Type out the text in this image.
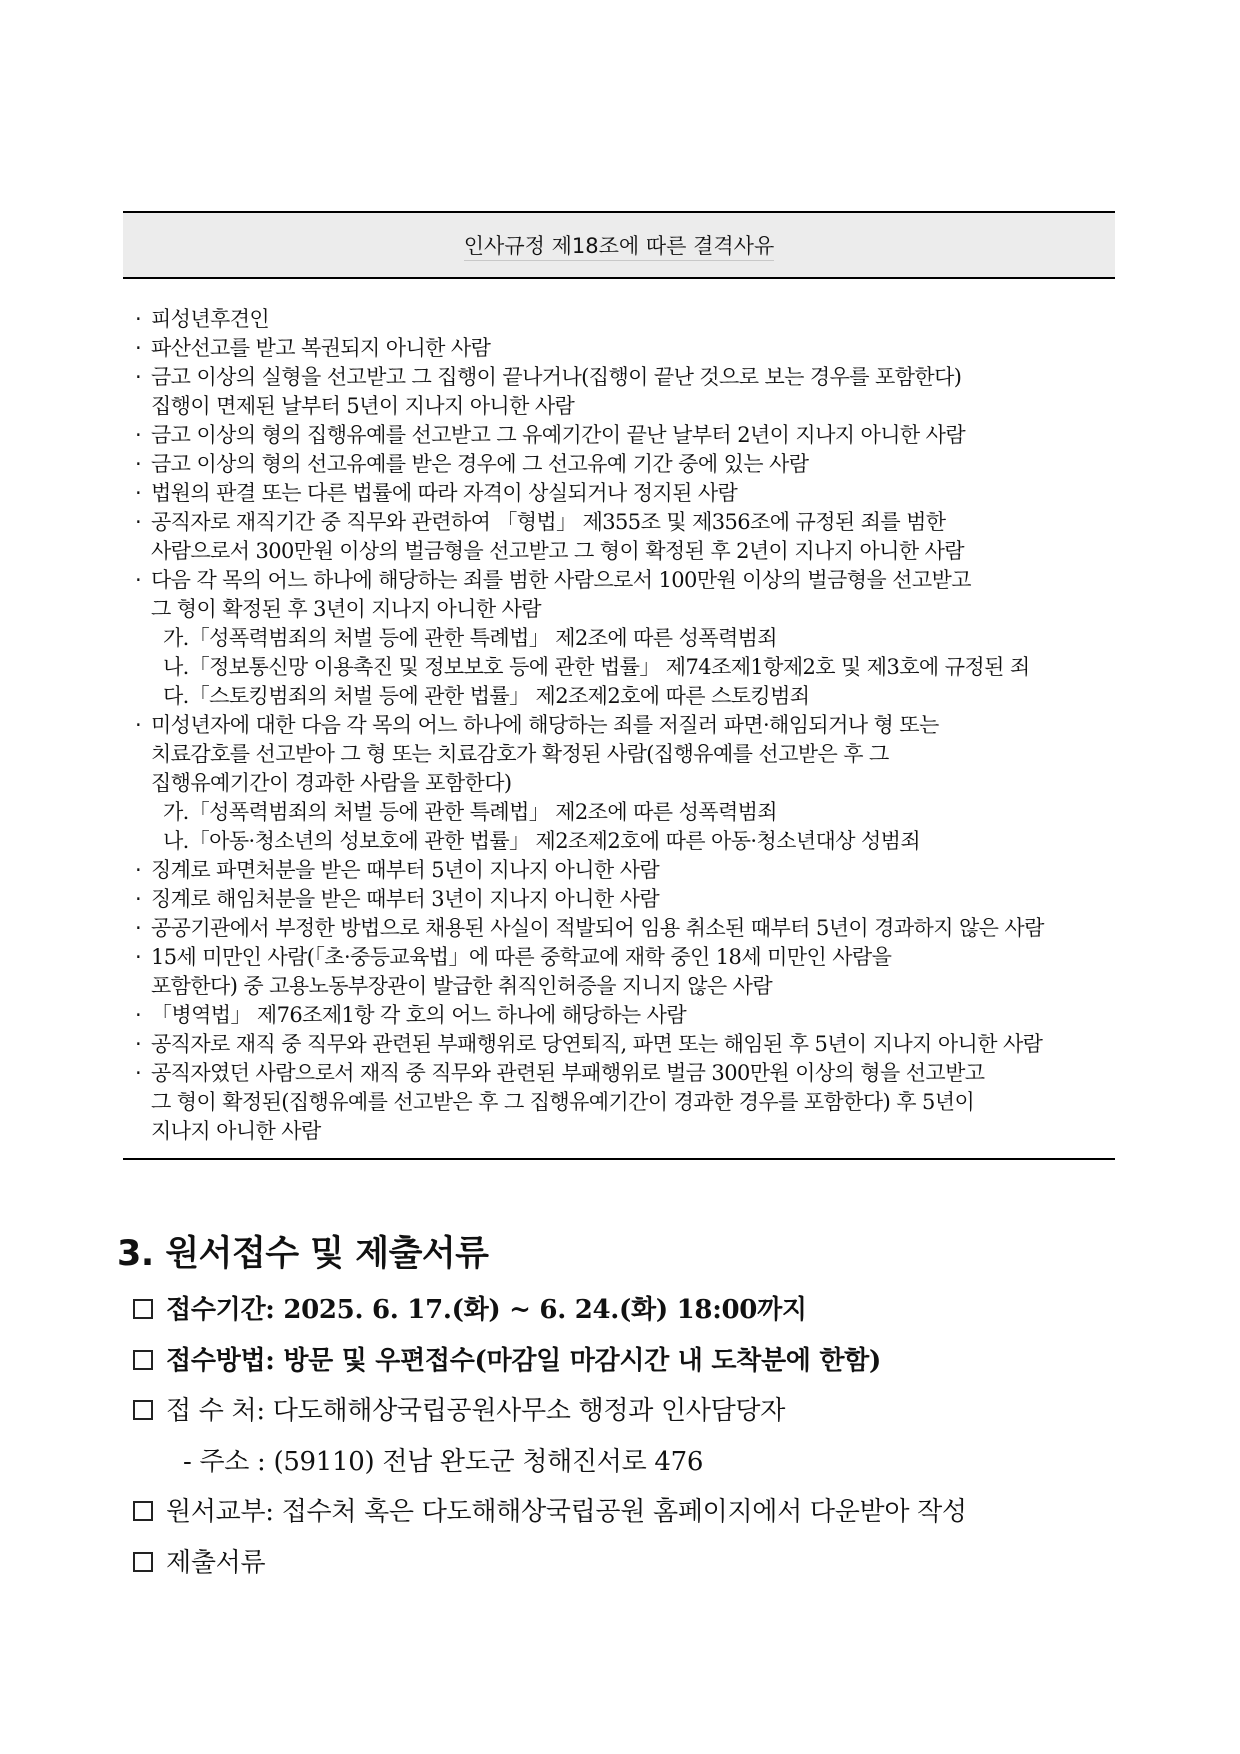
인사규정 제18조에 따른 결격사유
· 피성년후견인
· 파산선고를 받고 복권되지 아니한 사람
· 금고 이상의 실형을 선고받고 그 집행이 끝나거나(집행이 끝난 것으로 보는 경우를 포함한다)
집행이 면제된 날부터 5년이 지나지 아니한 사람
· 금고 이상의 형의 집행유예를 선고받고 그 유예기간이 끝난 날부터 2년이 지나지 아니한 사람
· 금고 이상의 형의 선고유예를 받은 경우에 그 선고유예 기간 중에 있는 사람
· 법원의 판결 또는 다른 법률에 따라 자격이 상실되거나 정지된 사람
· 공직자로 재직기간 중 직무와 관련하여 「형법」 제355조 및 제356조에 규정된 죄를 범한
사람으로서 300만원 이상의 벌금형을 선고받고 그 형이 확정된 후 2년이 지나지 아니한 사람
· 다음 각 목의 어느 하나에 해당하는 죄를 범한 사람으로서 100만원 이상의 벌금형을 선고받고
그 형이 확정된 후 3년이 지나지 아니한 사람
가.「성폭력범죄의 처벌 등에 관한 특례법」 제2조에 따른 성폭력범죄
나.「정보통신망 이용촉진 및 정보보호 등에 관한 법률」 제74조제1항제2호 및 제3호에 규정된 죄
다.「스토킹범죄의 처벌 등에 관한 법률」 제2조제2호에 따른 스토킹범죄
· 미성년자에 대한 다음 각 목의 어느 하나에 해당하는 죄를 저질러 파면·해임되거나 형 또는
치료감호를 선고받아 그 형 또는 치료감호가 확정된 사람(집행유예를 선고받은 후 그
집행유예기간이 경과한 사람을 포함한다)
가.「성폭력범죄의 처벌 등에 관한 특례법」 제2조에 따른 성폭력범죄
나.「아동·청소년의 성보호에 관한 법률」 제2조제2호에 따른 아동·청소년대상 성범죄
· 징계로 파면처분을 받은 때부터 5년이 지나지 아니한 사람
· 징계로 해임처분을 받은 때부터 3년이 지나지 아니한 사람
· 공공기관에서 부정한 방법으로 채용된 사실이 적발되어 임용 취소된 때부터 5년이 경과하지 않은 사람
· 15세 미만인 사람(「초·중등교육법」에 따른 중학교에 재학 중인 18세 미만인 사람을
포함한다) 중 고용노동부장관이 발급한 취직인허증을 지니지 않은 사람
· 「병역법」 제76조제1항 각 호의 어느 하나에 해당하는 사람
· 공직자로 재직 중 직무와 관련된 부패행위로 당연퇴직, 파면 또는 해임된 후 5년이 지나지 아니한 사람
· 공직자였던 사람으로서 재직 중 직무와 관련된 부패행위로 벌금 300만원 이상의 형을 선고받고
그 형이 확정된(집행유예를 선고받은 후 그 집행유예기간이 경과한 경우를 포함한다) 후 5년이
지나지 아니한 사람
3. 원서접수 및 제출서류
접수기간: 2025. 6. 17.(화) ~ 6. 24.(화) 18:00까지
접수방법: 방문 및 우편접수(마감일 마감시간 내 도착분에 한함)
접 수 처: 다도해해상국립공원사무소 행정과 인사담당자
- 주소 : (59110) 전남 완도군 청해진서로 476
원서교부: 접수처 혹은 다도해해상국립공원 홈페이지에서 다운받아 작성
제출서류
